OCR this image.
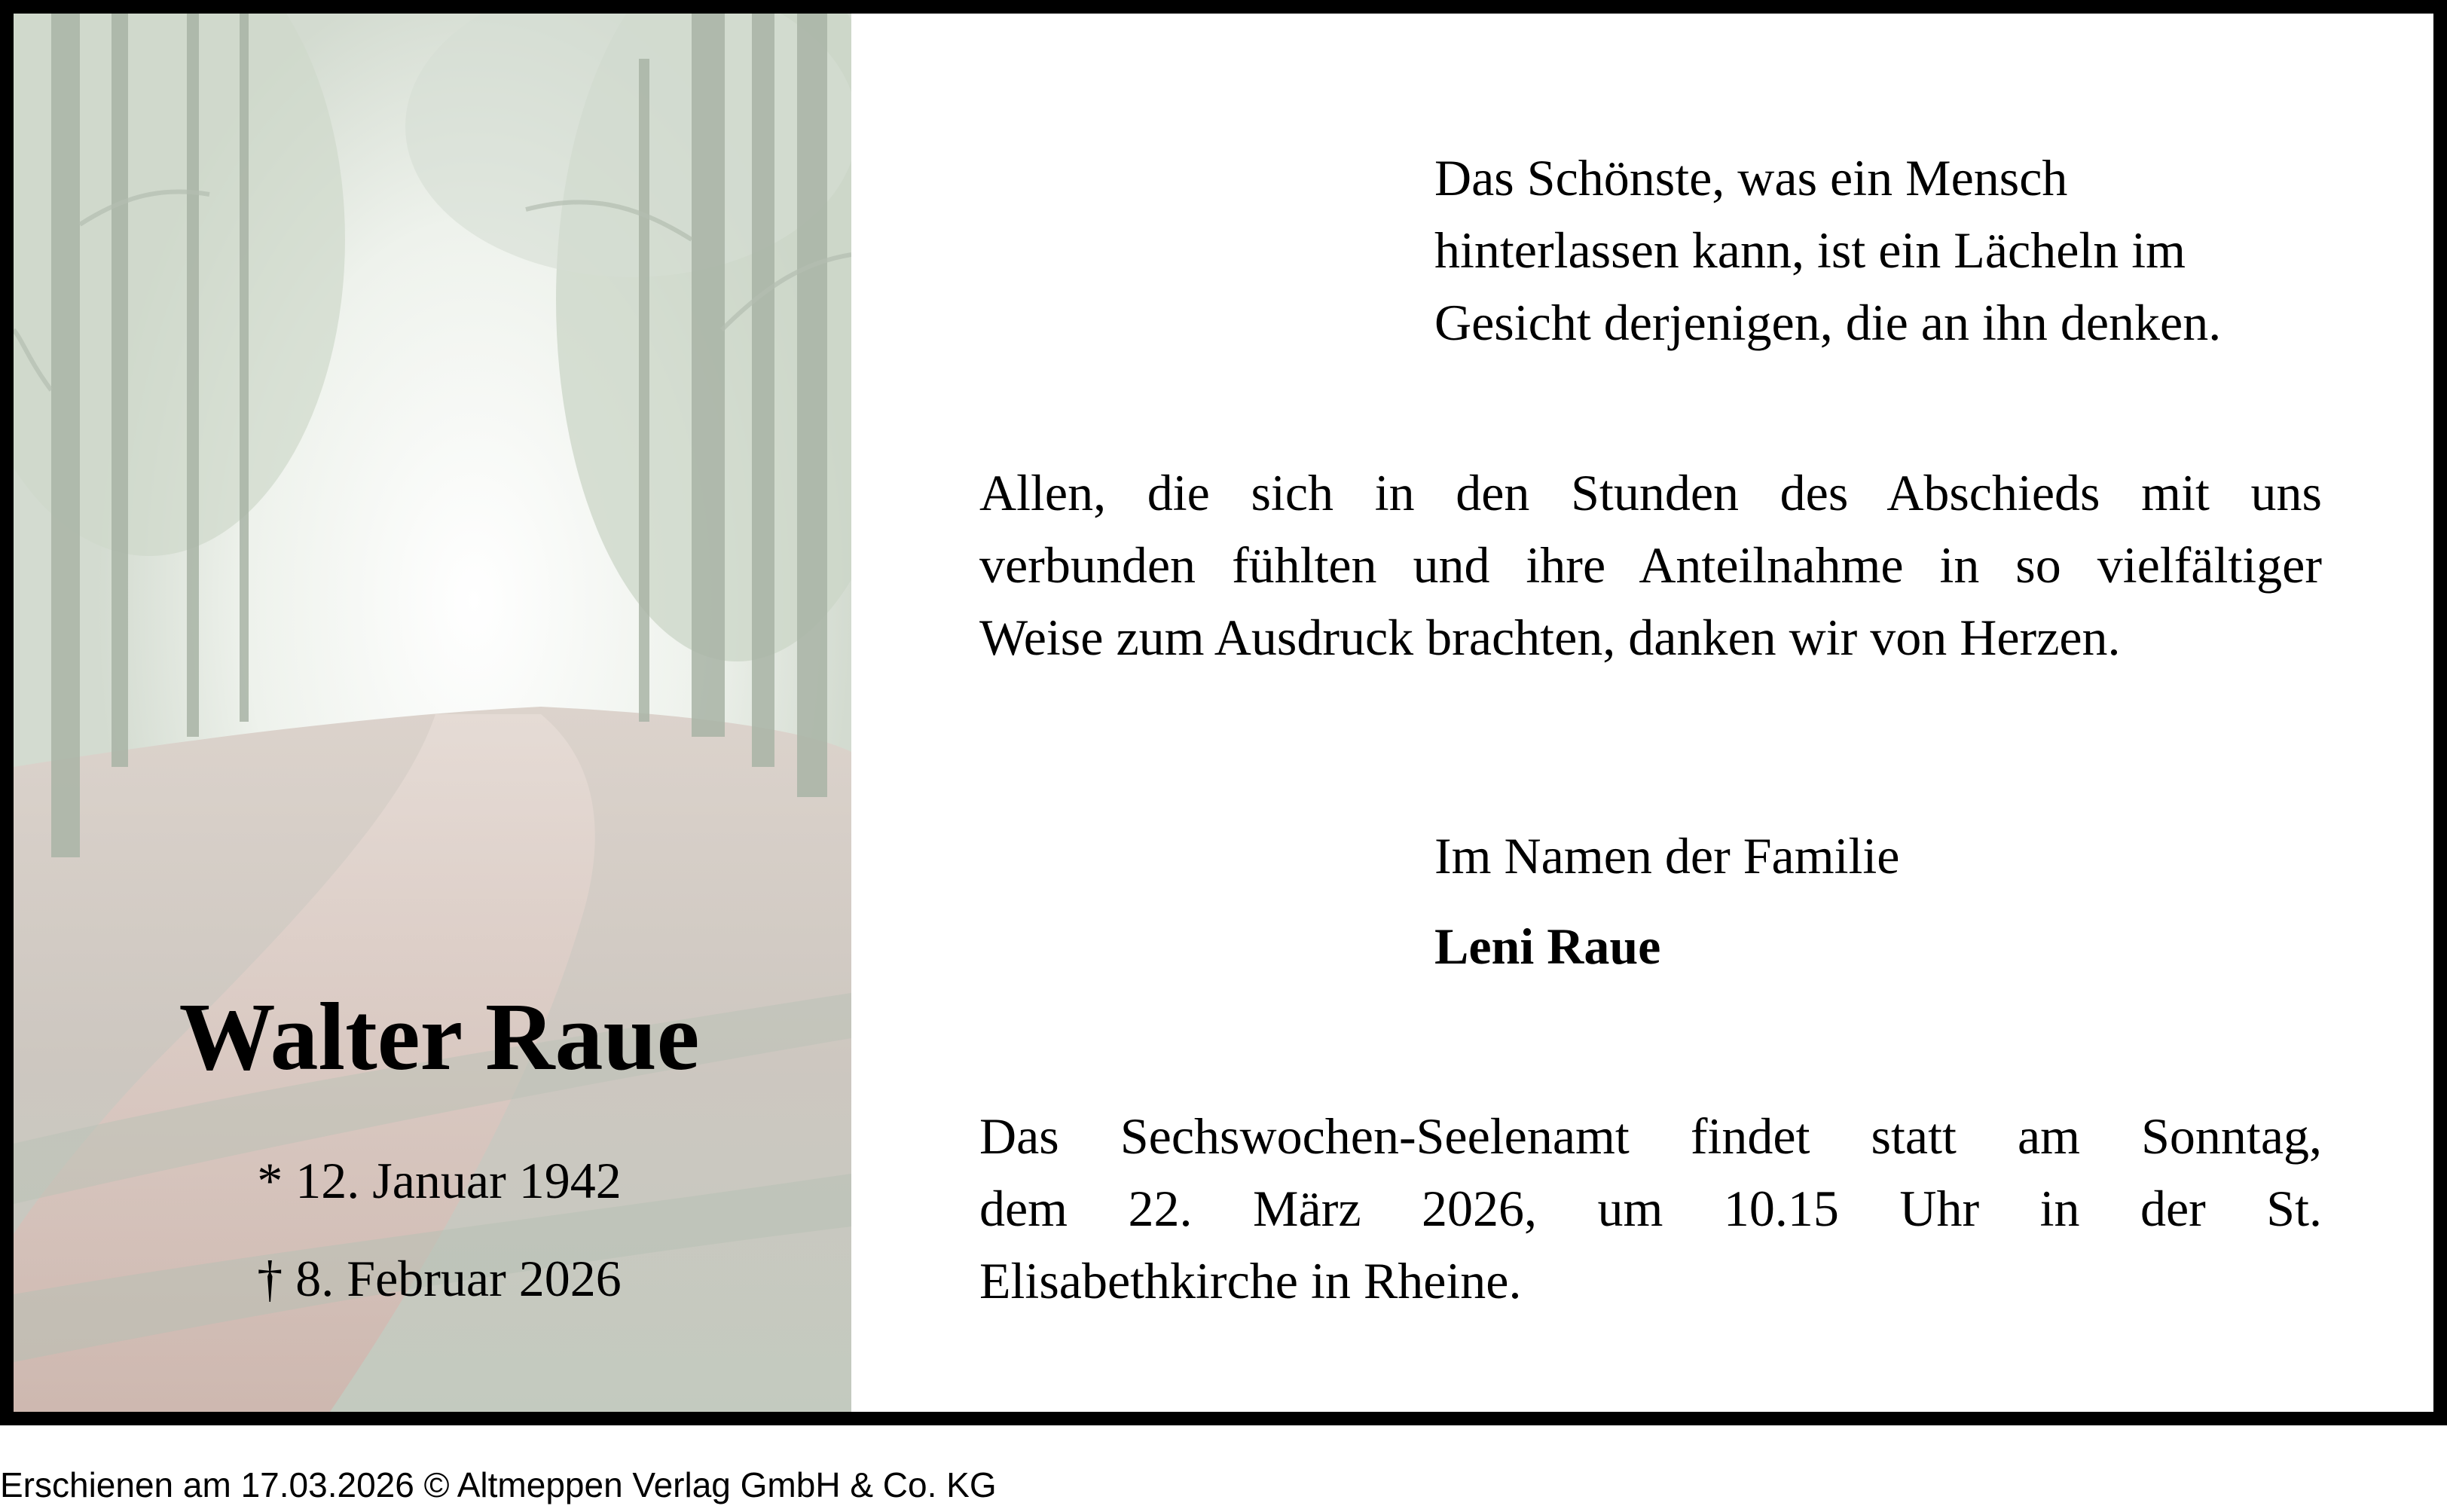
Walter Raue
* 12. Januar 1942
† 8. Februar 2026
Das Schönste, was ein Mensch
hinterlassen kann, ist ein Lächeln im
Gesicht derjenigen, die an ihn denken.
Allen, die sich in den Stunden des Abschieds mit uns
verbunden fühlten und ihre Anteilnahme in so vielfältiger
Weise zum Ausdruck brachten, danken wir von Herzen.
Im Namen der Familie
Leni Raue
Das Sechswochen-Seelenamt findet statt am Sonntag,
dem 22. März 2026, um 10.15 Uhr in der St.
Elisabethkirche in Rheine.
Erschienen am 17.03.2026 © Altmeppen Verlag GmbH & Co. KG
